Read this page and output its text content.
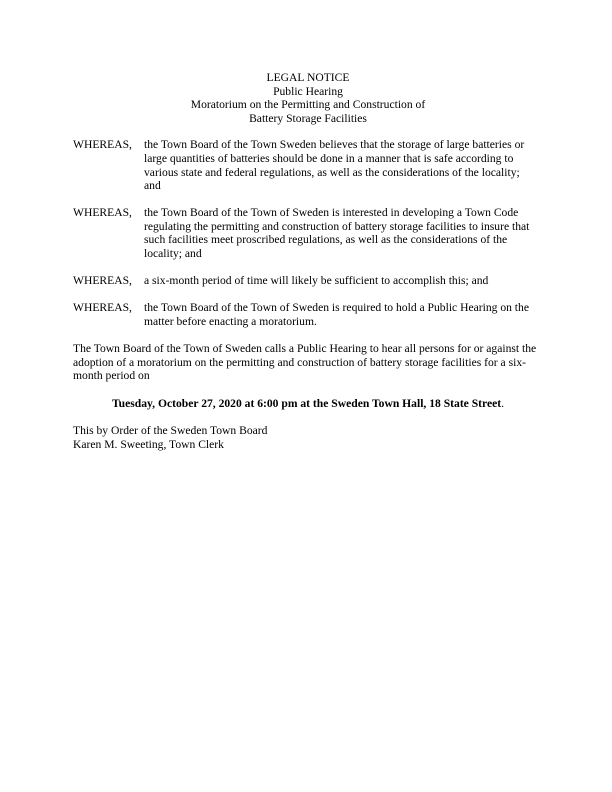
LEGAL NOTICE
Public Hearing
Moratorium on the Permitting and Construction of
Battery Storage Facilities
WHEREAS,	the Town Board of the Town Sweden believes that the storage of large batteries or large quantities of batteries should be done in a manner that is safe according to various state and federal regulations, as well as the considerations of the locality; and
WHEREAS,	the Town Board of the Town of Sweden is interested in developing a Town Code regulating the permitting and construction of battery storage facilities to insure that such facilities meet proscribed regulations, as well as the considerations of the locality; and
WHEREAS,	a six-month period of time will likely be sufficient to accomplish this; and
WHEREAS,	the Town Board of the Town of Sweden is required to hold a Public Hearing on the matter before enacting a moratorium.

The Town Board of the Town of Sweden calls a Public Hearing to hear all persons for or against the adoption of a moratorium on the permitting and construction of battery storage facilities for a six-month period on

Tuesday, October 27, 2020 at 6:00 pm at the Sweden Town Hall, 18 State Street.

This by Order of the Sweden Town Board
Karen M. Sweeting, Town Clerk
